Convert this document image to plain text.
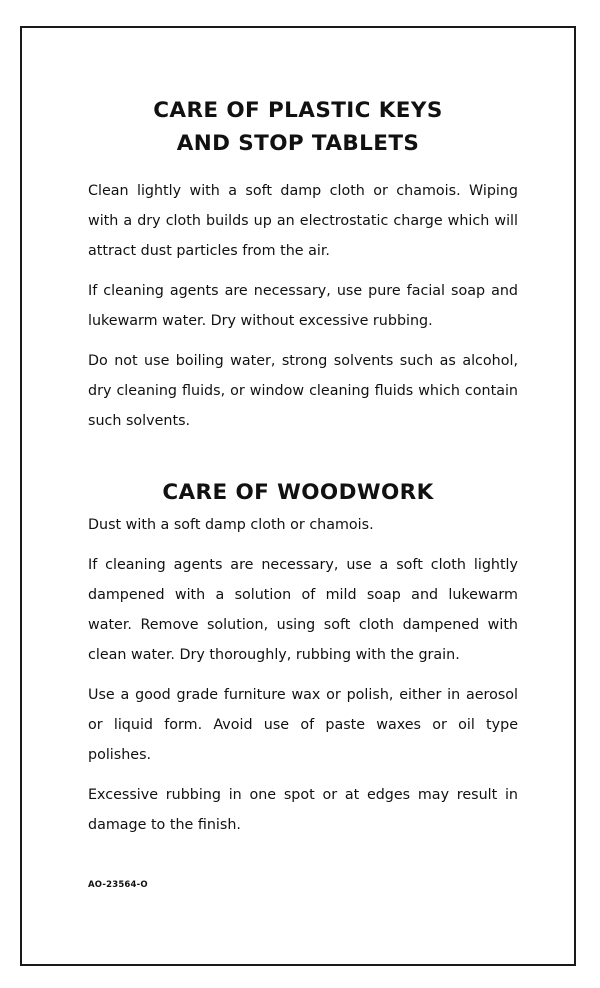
CARE OF PLASTIC KEYS
AND STOP TABLETS

Clean lightly with a soft damp cloth or chamois. Wiping with a dry cloth builds up an electrostatic charge which will attract dust particles from the air.

If cleaning agents are necessary, use pure facial soap and lukewarm water. Dry without excessive rubbing.

Do not use boiling water, strong solvents such as alcohol, dry cleaning fluids, or window cleaning fluids which contain such solvents.

CARE OF WOODWORK

Dust with a soft damp cloth or chamois.

If cleaning agents are necessary, use a soft cloth lightly dampened with a solution of mild soap and lukewarm water. Remove solution, using soft cloth dampened with clean water. Dry thoroughly, rubbing with the grain.

Use a good grade furniture wax or polish, either in aerosol or liquid form. Avoid use of paste waxes or oil type polishes.

Excessive rubbing in one spot or at edges may result in damage to the finish.

AO-23564-O
